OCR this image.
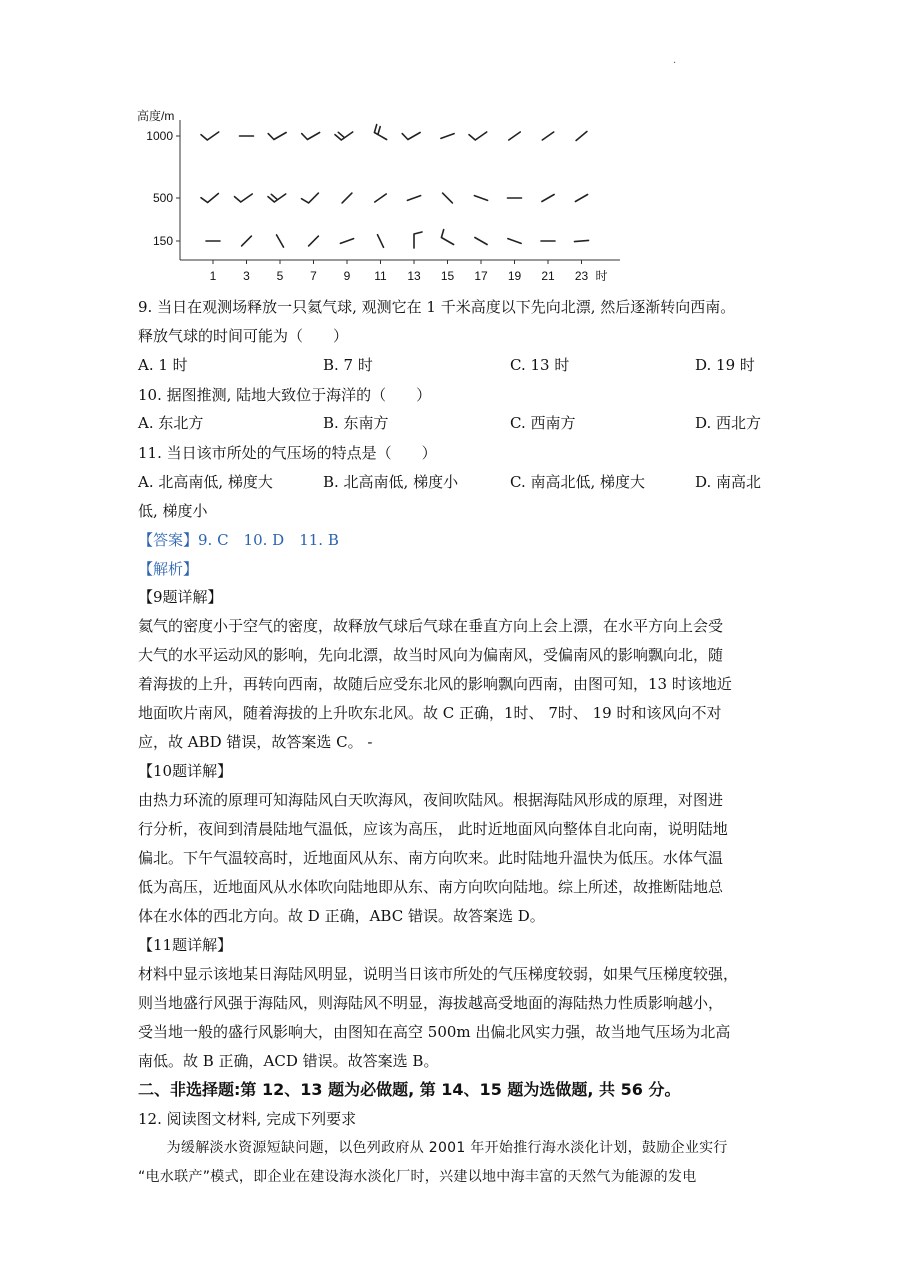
·
高度/m
1000
500
150
1 3 5 7 9 11 13 15 17 19 21 23 时
9. 当日在观测场释放一只氦气球, 观测它在 1 千米高度以下先向北漂, 然后逐渐转向西南。
释放气球的时间可能为（　　）
A. 1 时	B. 7 时	C. 13 时	D. 19 时
10. 据图推测, 陆地大致位于海洋的（　　）
A. 东北方	B. 东南方	C. 西南方	D. 西北方
11. 当日该市所处的气压场的特点是（　　）
A. 北高南低, 梯度大	B. 北高南低, 梯度小	C. 南高北低, 梯度大	D. 南高北
低, 梯度小
【答案】9. C　10. D　11. B
【解析】
【9题详解】
氦气的密度小于空气的密度，故释放气球后气球在垂直方向上会上漂，在水平方向上会受
大气的水平运动风的影响，先向北漂，故当时风向为偏南风，受偏南风的影响飘向北，随
着海拔的上升，再转向西南，故随后应受东北风的影响飘向西南，由图可知，13 时该地近
地面吹片南风，随着海拔的上升吹东北风。故 C 正确，1时、 7时、 19 时和该风向不对
应，故 ABD 错误，故答案选 C。 -
【10题详解】
由热力环流的原理可知海陆风白天吹海风，夜间吹陆风。根据海陆风形成的原理，对图进
行分析，夜间到清晨陆地气温低，应该为高压， 此时近地面风向整体自北向南，说明陆地
偏北。下午气温较高时，近地面风从东、南方向吹来。此时陆地升温快为低压。水体气温
低为高压，近地面风从水体吹向陆地即从东、南方向吹向陆地。综上所述，故推断陆地总
体在水体的西北方向。故 D 正确，ABC 错误。故答案选 D。
【11题详解】
材料中显示该地某日海陆风明显，说明当日该市所处的气压梯度较弱，如果气压梯度较强，
则当地盛行风强于海陆风，则海陆风不明显，海拔越高受地面的海陆热力性质影响越小，
受当地一般的盛行风影响大，由图知在高空 500m 出偏北风实力强，故当地气压场为北高
南低。故 B 正确，ACD 错误。故答案选 B。
二、非选择题:第 12、13 题为必做题, 第 14、15 题为选做题, 共 56 分。
12. 阅读图文材料, 完成下列要求
　　为缓解淡水资源短缺问题，以色列政府从 2001 年开始推行海水淡化计划，鼓励企业实行
“电水联产”模式，即企业在建设海水淡化厂时，兴建以地中海丰富的天然气为能源的发电
